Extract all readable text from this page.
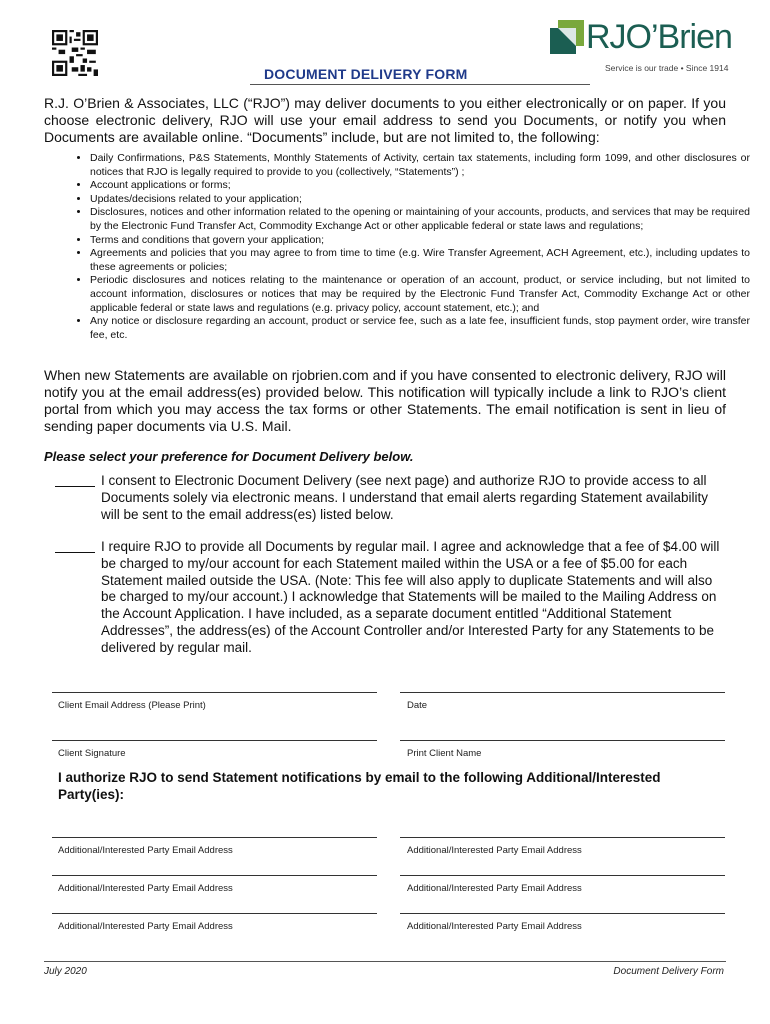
RJO’Brien
Service is our trade • Since 1914
DOCUMENT DELIVERY FORM
R.J. O’Brien & Associates, LLC (“RJO”) may deliver documents to you either electronically or on paper. If you choose electronic delivery, RJO will use your email address to send you Documents, or notify you when Documents are available online. “Documents” include, but are not limited to, the following:
• Daily Confirmations, P&S Statements, Monthly Statements of Activity, certain tax statements, including form 1099, and other disclosures or notices that RJO is legally required to provide to you (collectively, “Statements”) ;
• Account applications or forms;
• Updates/decisions related to your application;
• Disclosures, notices and other information related to the opening or maintaining of your accounts, products, and services that may be required by the Electronic Fund Transfer Act, Commodity Exchange Act or other applicable federal or state laws and regulations;
• Terms and conditions that govern your application;
• Agreements and policies that you may agree to from time to time (e.g. Wire Transfer Agreement, ACH Agreement, etc.), including updates to these agreements or policies;
• Periodic disclosures and notices relating to the maintenance or operation of an account, product, or service including, but not limited to account information, disclosures or notices that may be required by the Electronic Fund Transfer Act, Commodity Exchange Act or other applicable federal or state laws and regulations (e.g. privacy policy, account statement, etc.); and
• Any notice or disclosure regarding an account, product or service fee, such as a late fee, insufficient funds, stop payment order, wire transfer fee, etc.
When new Statements are available on rjobrien.com and if you have consented to electronic delivery, RJO will notify you at the email address(es) provided below. This notification will typically include a link to RJO’s client portal from which you may access the tax forms or other Statements. The email notification is sent in lieu of sending paper documents via U.S. Mail.
Please select your preference for Document Delivery below.
I consent to Electronic Document Delivery (see next page) and authorize RJO to provide access to all Documents solely via electronic means. I understand that email alerts regarding Statement availability will be sent to the email address(es) listed below.
I require RJO to provide all Documents by regular mail. I agree and acknowledge that a fee of $4.00 will be charged to my/our account for each Statement mailed within the USA or a fee of $5.00 for each Statement mailed outside the USA. (Note: This fee will also apply to duplicate Statements and will also be charged to my/our account.) I acknowledge that Statements will be mailed to the Mailing Address on the Account Application. I have included, as a separate document entitled “Additional Statement Addresses”, the address(es) of the Account Controller and/or Interested Party for any Statements to be delivered by regular mail.
Client Email Address (Please Print)	Date
Client Signature	Print Client Name
I authorize RJO to send Statement notifications by email to the following Additional/Interested Party(ies):
Additional/Interested Party Email Address	Additional/Interested Party Email Address
Additional/Interested Party Email Address	Additional/Interested Party Email Address
Additional/Interested Party Email Address	Additional/Interested Party Email Address
July 2020	Document Delivery Form
